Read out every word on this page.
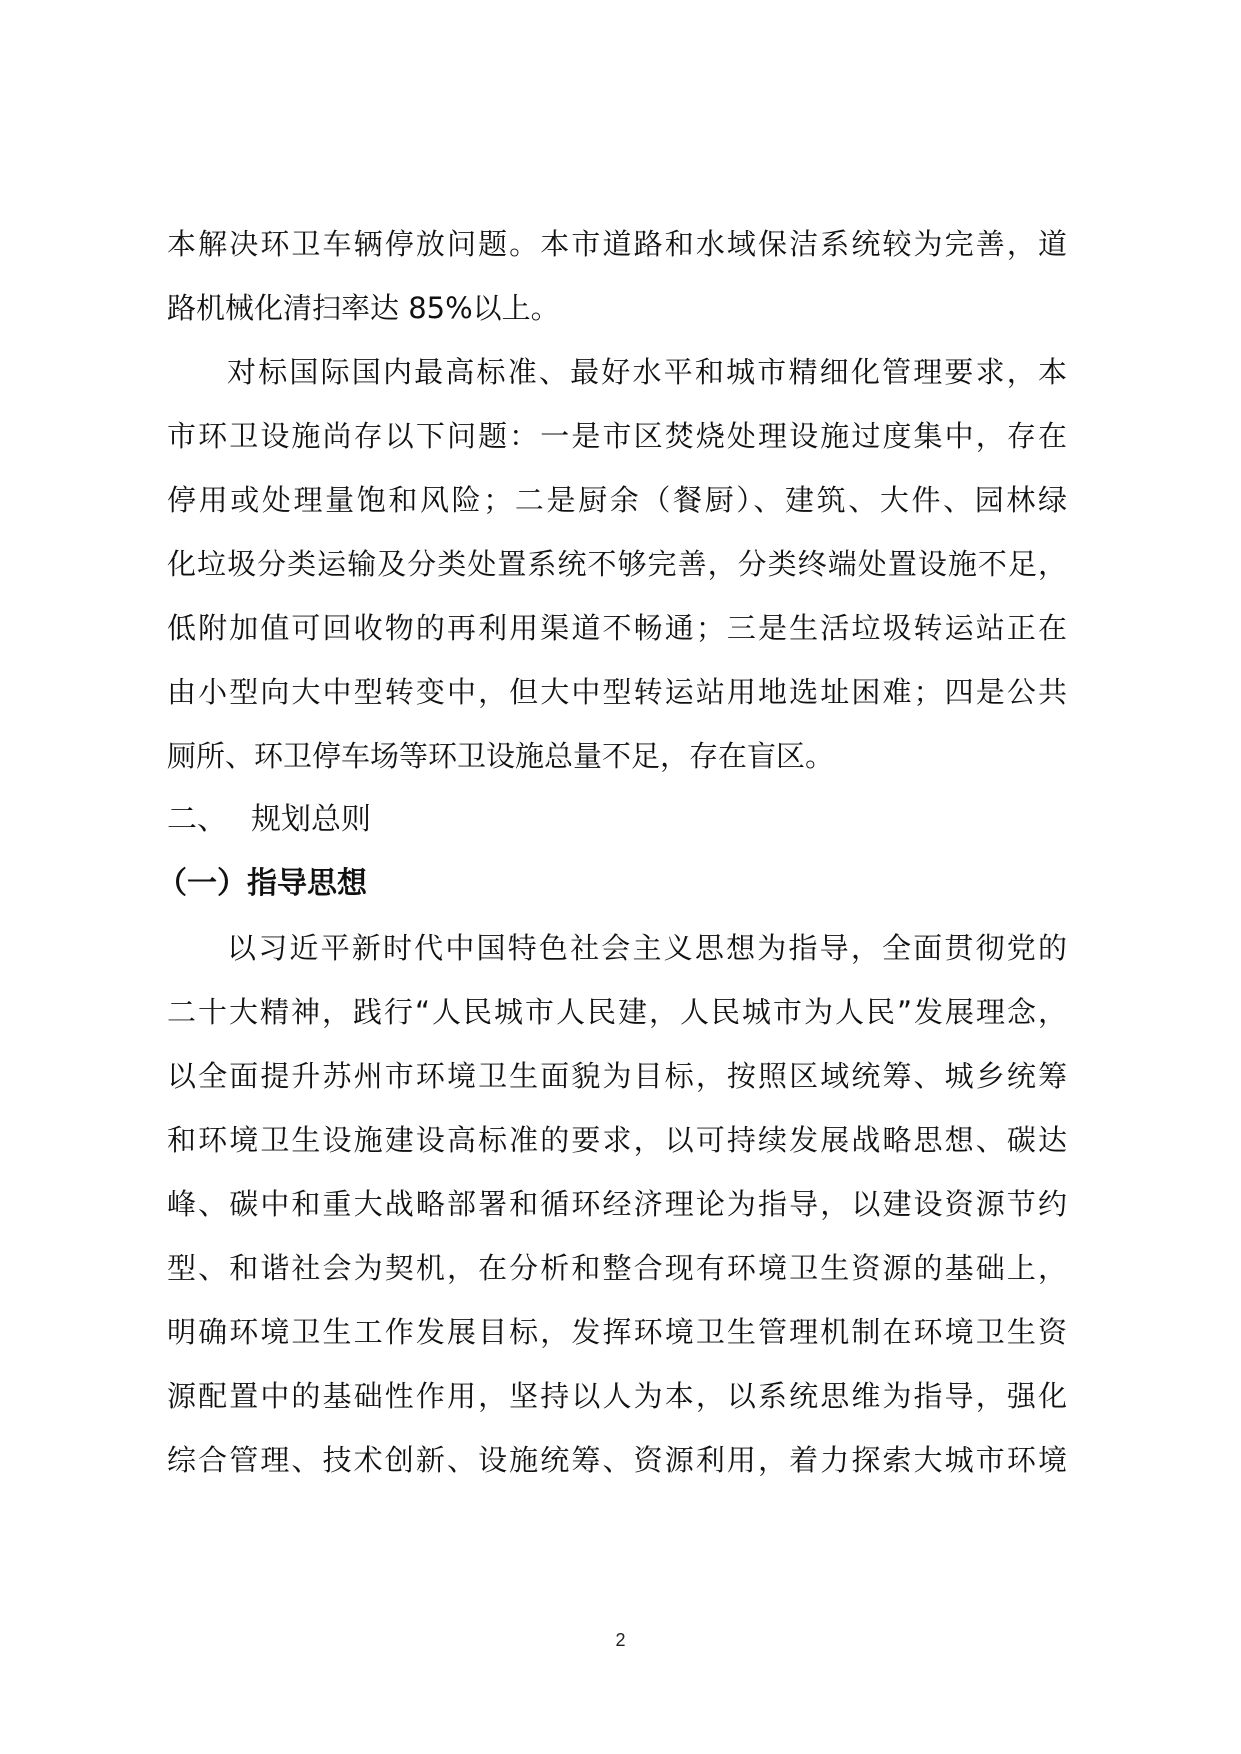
本解决环卫车辆停放问题。本市道路和水域保洁系统较为完善，道
路机械化清扫率达 85%以上。
对标国际国内最高标准、最好水平和城市精细化管理要求，本
市环卫设施尚存以下问题：一是市区焚烧处理设施过度集中，存在
停用或处理量饱和风险；二是厨余（餐厨）、建筑、大件、园林绿
化垃圾分类运输及分类处置系统不够完善，分类终端处置设施不足，
低附加值可回收物的再利用渠道不畅通；三是生活垃圾转运站正在
由小型向大中型转变中，但大中型转运站用地选址困难；四是公共
厕所、环卫停车场等环卫设施总量不足，存在盲区。
二、 规划总则
（一）指导思想
以习近平新时代中国特色社会主义思想为指导，全面贯彻党的
二十大精神，践行“人民城市人民建，人民城市为人民”发展理念，
以全面提升苏州市环境卫生面貌为目标，按照区域统筹、城乡统筹
和环境卫生设施建设高标准的要求，以可持续发展战略思想、碳达
峰、碳中和重大战略部署和循环经济理论为指导，以建设资源节约
型、和谐社会为契机，在分析和整合现有环境卫生资源的基础上，
明确环境卫生工作发展目标，发挥环境卫生管理机制在环境卫生资
源配置中的基础性作用，坚持以人为本，以系统思维为指导，强化
综合管理、技术创新、设施统筹、资源利用，着力探索大城市环境
2
